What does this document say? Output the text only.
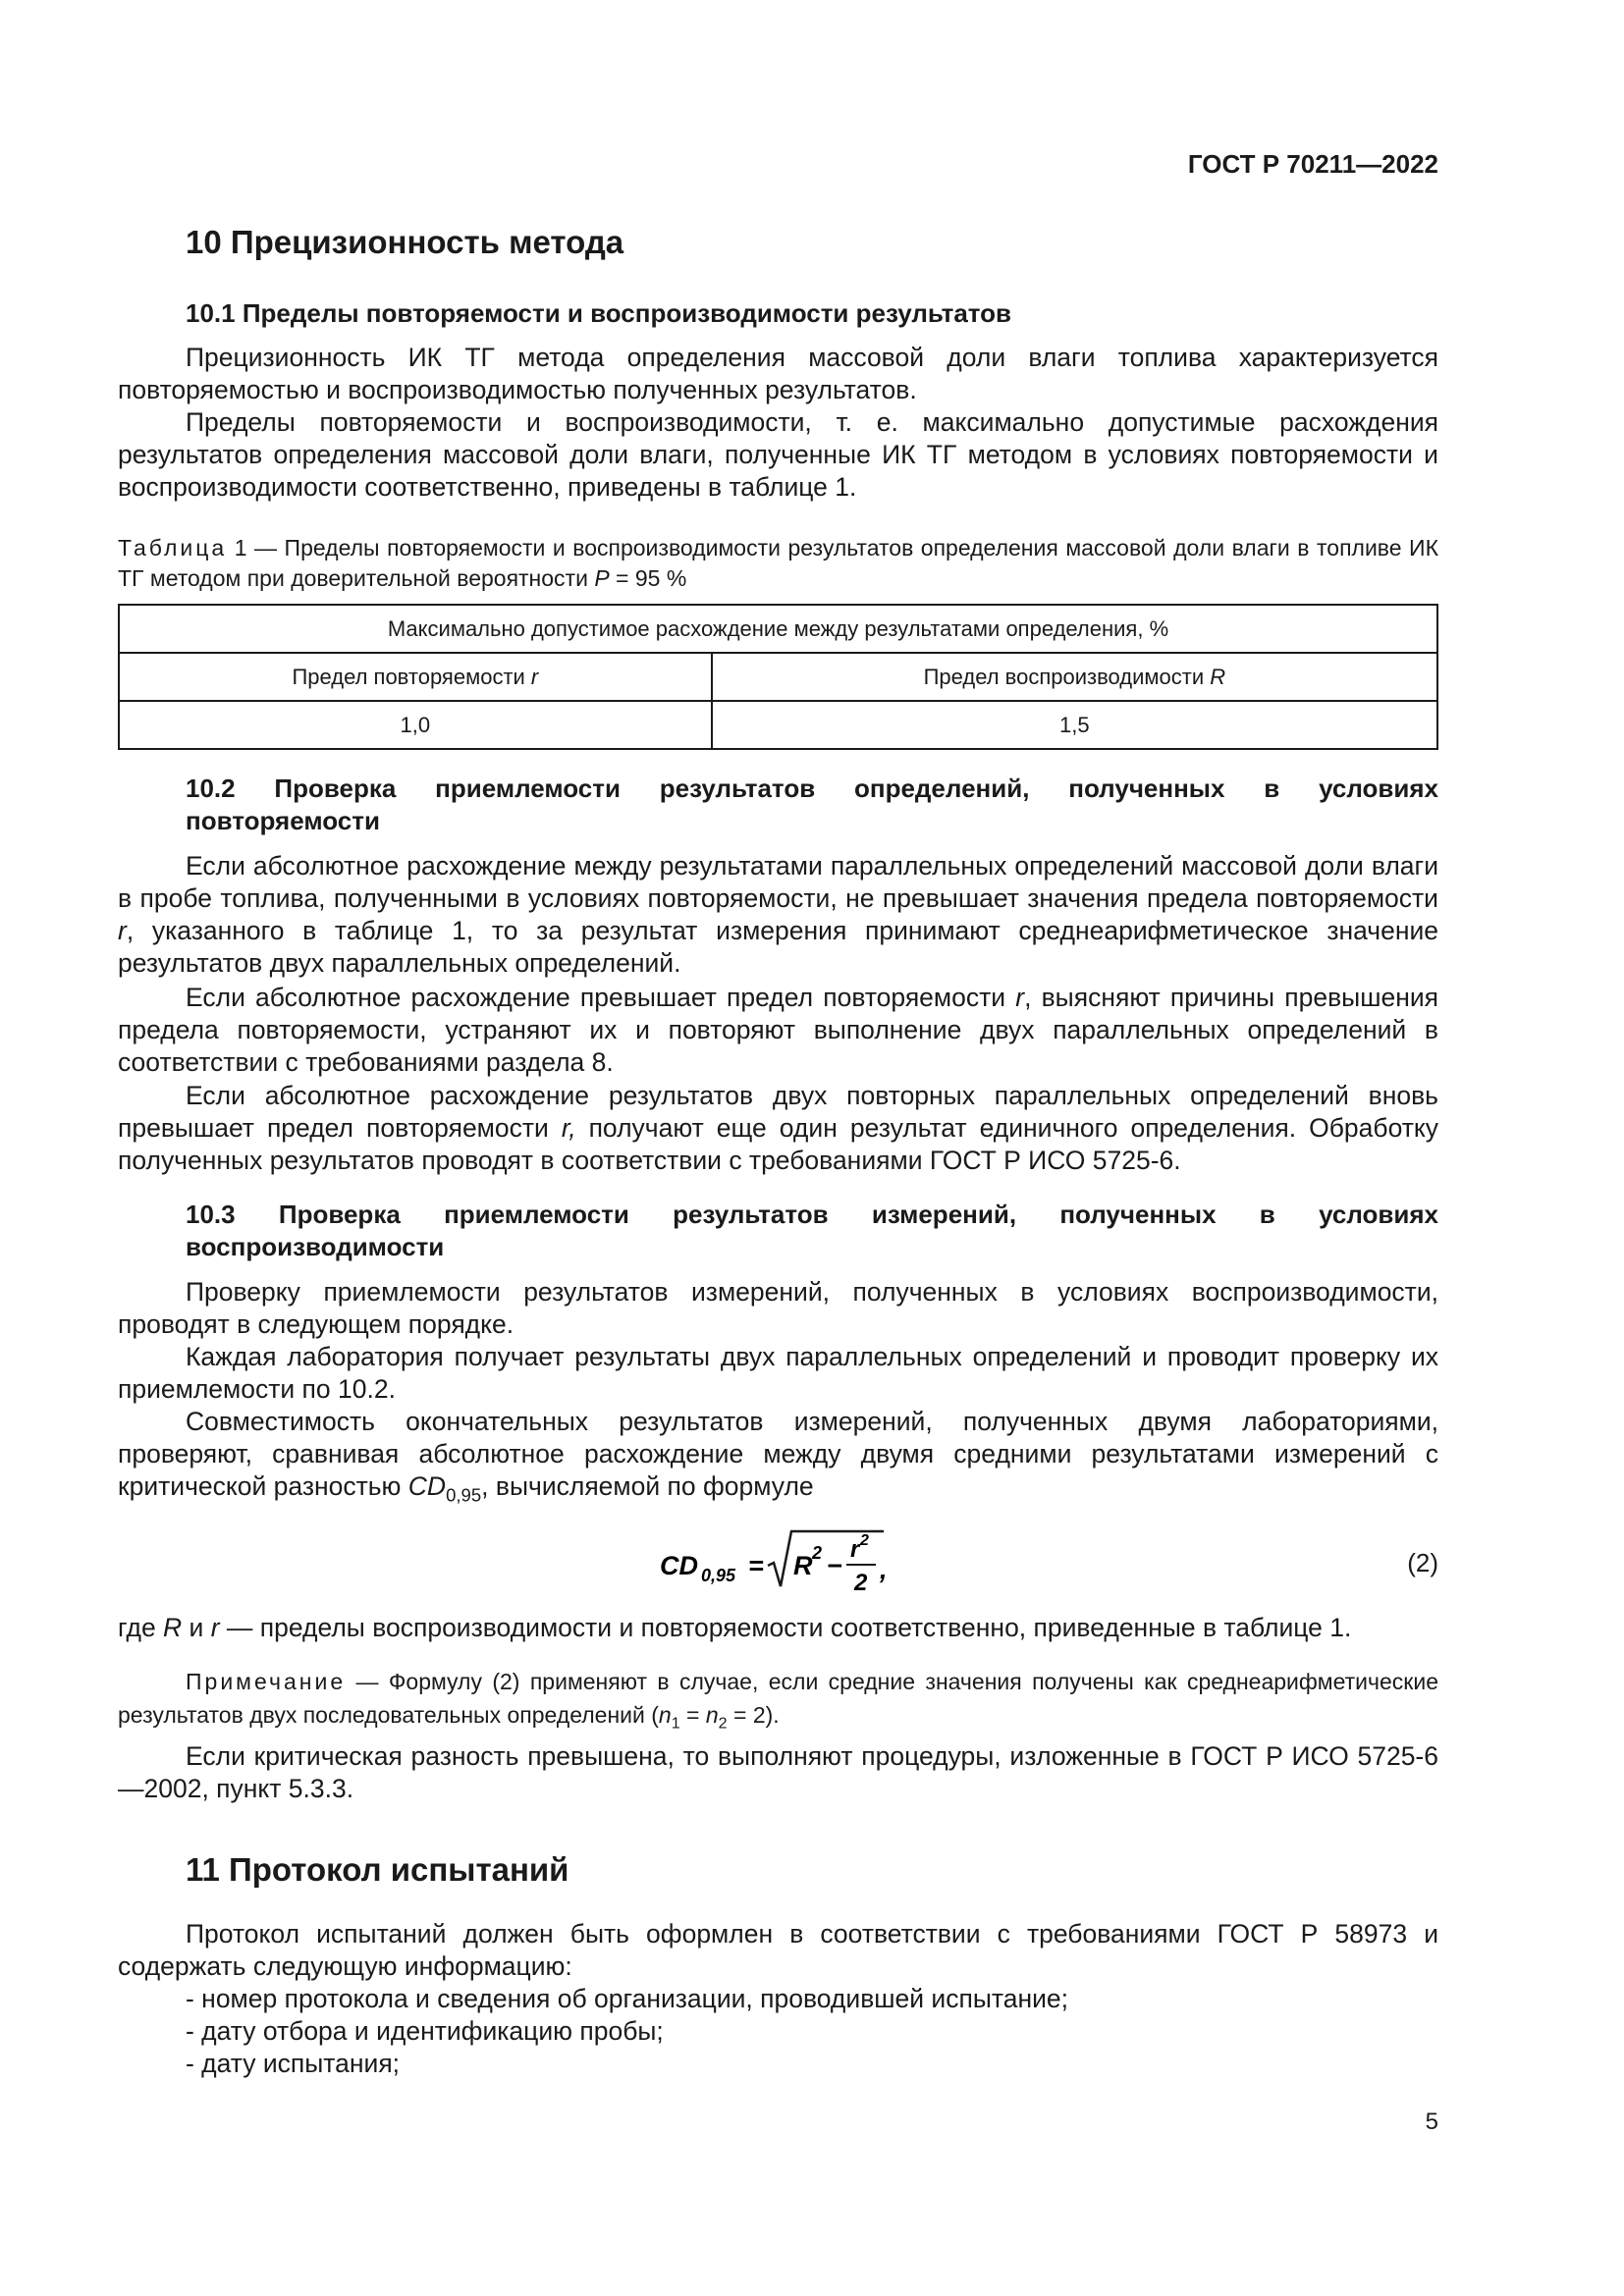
ГОСТ Р 70211—2022
10 Прецизионность метода
10.1 Пределы повторяемости и воспроизводимости результатов
Прецизионность ИК ТГ метода определения массовой доли влаги топлива характеризуется повторяемостью и воспроизводимостью полученных результатов.
Пределы повторяемости и воспроизводимости, т. е. максимально допустимые расхождения результатов определения массовой доли влаги, полученные ИК ТГ методом в условиях повторяемости и воспроизводимости соответственно, приведены в таблице 1.
Таблица 1 — Пределы повторяемости и воспроизводимости результатов определения массовой доли влаги в топливе ИК ТГ методом при доверительной вероятности P = 95 %
Максимально допустимое расхождение между результатами определения, %	
Предел повторяемости r	Предел воспроизводимости R
1,0	1,5
10.2 Проверка приемлемости результатов определений, полученных в условиях
повторяемости
Если абсолютное расхождение между результатами параллельных определений массовой доли влаги в пробе топлива, полученными в условиях повторяемости, не превышает значения предела повторяемости r, указанного в таблице 1, то за результат измерения принимают среднеарифметическое значение результатов двух параллельных определений.
Если абсолютное расхождение превышает предел повторяемости r, выясняют причины превышения предела повторяемости, устраняют их и повторяют выполнение двух параллельных определений в соответствии с требованиями раздела 8.
Если абсолютное расхождение результатов двух повторных параллельных определений вновь превышает предел повторяемости r, получают еще один результат единичного определения. Обработку полученных результатов проводят в соответствии с требованиями ГОСТ Р ИСО 5725-6.
10.3 Проверка приемлемости результатов измерений, полученных в условиях
воспроизводимости
Проверку приемлемости результатов измерений, полученных в условиях воспроизводимости, проводят в следующем порядке.
Каждая лаборатория получает результаты двух параллельных определений и проводит проверку их приемлемости по 10.2.
Совместимость окончательных результатов измерений, полученных двумя лабораториями, проверяют, сравнивая абсолютное расхождение между двумя средними результатами измерений с критической разностью $CD_{0,95}$, вычисляемой по формуле
CD 0,95 = R 2 −
r 2
2 ,	(2)
где R и r — пределы воспроизводимости и повторяемости соответственно, приведенные в таблице 1.
Примечание — Формулу (2) применяют в случае, если средние значения получены как среднеарифметические результатов двух последовательных определений $(n_1 = n_2 = 2)$.
Если критическая разность превышена, то выполняют процедуры, изложенные в ГОСТ Р ИСО 5725-6—2002, пункт 5.3.3.
11 Протокол испытаний
Протокол испытаний должен быть оформлен в соответствии с требованиями ГОСТ Р 58973 и содержать следующую информацию:
- номер протокола и сведения об организации, проводившей испытание;
- дату отбора и идентификацию пробы;
- дату испытания;
5
